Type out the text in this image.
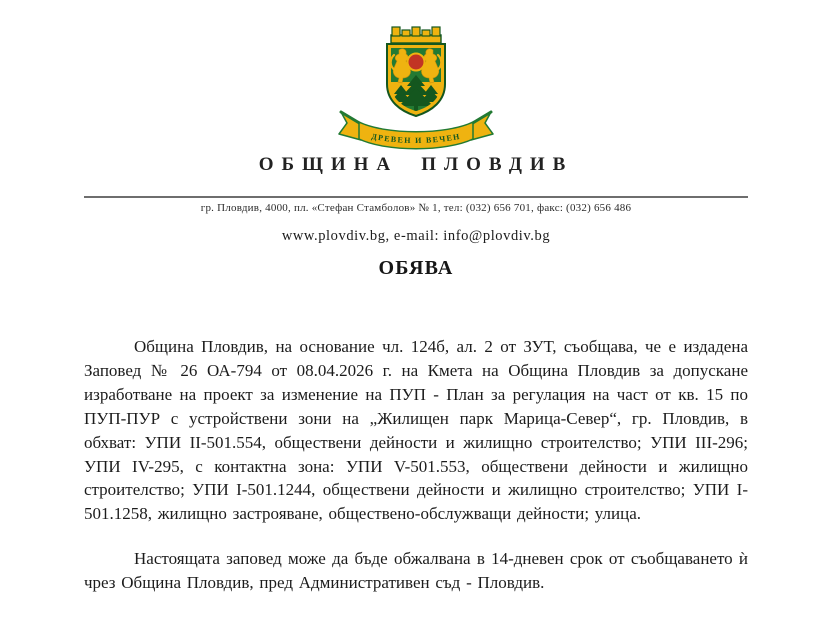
ДРЕВЕН И ВЕЧЕН
ОБЩИНА ПЛОВДИВ
гр. Пловдив, 4000, пл. «Стефан Стамболов» № 1, тел: (032) 656 701, факс: (032) 656 486
www.plovdiv.bg, e-mail: info@plovdiv.bg
ОБЯВА

Община Пловдив, на основание чл. 124б, ал. 2 от ЗУТ, съобщава, че е издадена Заповед № 26 ОА-794 от 08.04.2026 г. на Кмета на Община Пловдив за допускане изработване на проект за изменение на ПУП - План за регулация на част от кв. 15 по ПУП-ПУР с устройствени зони на „Жилищен парк Марица-Север“, гр. Пловдив, в обхват: УПИ II-501.554, обществени дейности и жилищно строителство; УПИ III-296; УПИ IV-295, с контактна зона: УПИ V-501.553, обществени дейности и жилищно строителство; УПИ I-501.1244, обществени дейности и жилищно строителство; УПИ I-501.1258, жилищно застрояване, обществено-обслужващи дейности; улица.

Настоящата заповед може да бъде обжалвана в 14-дневен срок от съобщаването ѝ чрез Община Пловдив, пред Административен съд - Пловдив.
